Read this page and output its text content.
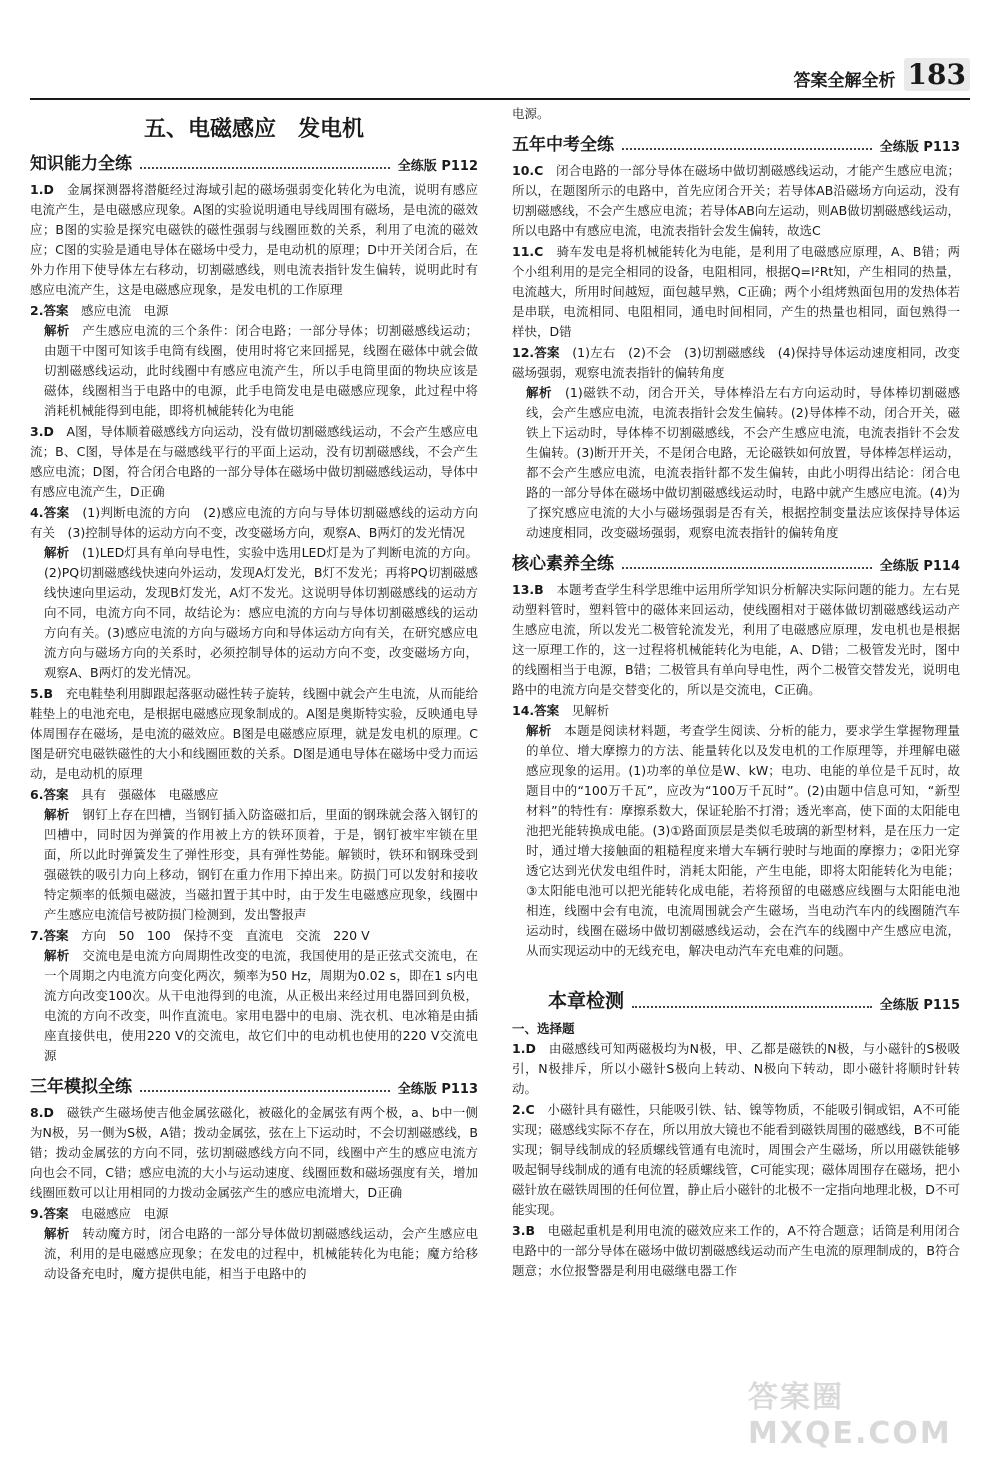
答案全解全析 183
五、电磁感应　发电机
知识能力全练	全练版 P112
1.D　 金属探测器将潜艇经过海域引起的磁场强弱变化转化为电流，说明有感应电流产生，是电磁感应现象。A图的实验说明通电导线周围有磁场，是电流的磁效应；B图的实验是探究电磁铁的磁性强弱与线圈匝数的关系，利用了电流的磁效应；C图的实验是通电导体在磁场中受力，是电动机的原理；D中开关闭合后，在外力作用下使导体左右移动，切割磁感线，则电流表指针发生偏转，说明此时有感应电流产生，这是电磁感应现象，是发电机的工作原理
2.答案　 感应电流　电源
解析　 产生感应电流的三个条件：闭合电路；一部分导体；切割磁感线运动；由题干中图可知该手电筒有线圈，使用时将它来回摇晃，线圈在磁体中就会做切割磁感线运动，此时线圈中有感应电流产生，所以手电筒里面的物块应该是磁体，线圈相当于电路中的电源，此手电筒发电是电磁感应现象，此过程中将消耗机械能得到电能，即将机械能转化为电能
3.D　 A图，导体顺着磁感线方向运动，没有做切割磁感线运动，不会产生感应电流；B、C图，导体是在与磁感线平行的平面上运动，没有切割磁感线，不会产生感应电流；D图，符合闭合电路的一部分导体在磁场中做切割磁感线运动，导体中有感应电流产生，D正确
4.答案　 (1)判断电流的方向　(2)感应电流的方向与导体切割磁感线的运动方向有关　(3)控制导体的运动方向不变，改变磁场方向，观察A、B两灯的发光情况
解析　 (1)LED灯具有单向导电性，实验中选用LED灯是为了判断电流的方向。(2)PQ切割磁感线快速向外运动，发现A灯发光，B灯不发光；再将PQ切割磁感线快速向里运动，发现B灯发光，A灯不发光。这说明导体切割磁感线的运动方向不同，电流方向不同，故结论为：感应电流的方向与导体切割磁感线的运动方向有关。(3)感应电流的方向与磁场方向和导体运动方向有关，在研究感应电流方向与磁场方向的关系时，必须控制导体的运动方向不变，改变磁场方向，观察A、B两灯的发光情况。
5.B　 充电鞋垫利用脚跟起落驱动磁性转子旋转，线圈中就会产生电流，从而能给鞋垫上的电池充电，是根据电磁感应现象制成的。A图是奥斯特实验，反映通电导体周围存在磁场，是电流的磁效应。B图是电磁感应原理，就是发电机的原理。C图是研究电磁铁磁性的大小和线圈匝数的关系。D图是通电导体在磁场中受力而运动，是电动机的原理
6.答案　 具有　强磁体　电磁感应
解析　 钢钉上存在凹槽，当钢钉插入防盗磁扣后，里面的钢珠就会落入钢钉的凹槽中，同时因为弹簧的作用被上方的铁环顶着，于是，钢钉被牢牢锁在里面，所以此时弹簧发生了弹性形变，具有弹性势能。解锁时，铁环和钢珠受到强磁铁的吸引力向上移动，钢钉在重力作用下掉出来。防损门可以发射和接收特定频率的低频电磁波，当磁扣置于其中时，由于发生电磁感应现象，线圈中产生感应电流信号被防损门检测到，发出警报声
7.答案　 方向　50　100　保持不变　直流电　交流　220 V
解析　 交流电是电流方向周期性改变的电流，我国使用的是正弦式交流电，在一个周期之内电流方向变化两次，频率为50 Hz，周期为0.02 s，即在1 s内电流方向改变100次。从干电池得到的电流，从正极出来经过用电器回到负极，电流的方向不改变，叫作直流电。家用电器中的电扇、洗衣机、电冰箱是由插座直接供电，使用220 V的交流电，故它们中的电动机也使用的220 V交流电源
三年模拟全练	全练版 P113
8.D　 磁铁产生磁场使吉他金属弦磁化，被磁化的金属弦有两个极，a、b中一侧为N极，另一侧为S极，A错；拨动金属弦，弦在上下运动时，不会切割磁感线，B错；拨动金属弦的方向不同，弦切割磁感线方向不同，线圈中产生的感应电流方向也会不同，C错；感应电流的大小与运动速度、线圈匝数和磁场强度有关，增加线圈匝数可以让用相同的力拨动金属弦产生的感应电流增大，D正确
9.答案　 电磁感应　电源
解析　 转动魔方时，闭合电路的一部分导体做切割磁感线运动，会产生感应电流，利用的是电磁感应现象；在发电的过程中，机械能转化为电能；魔方给移动设备充电时，魔方提供电能，相当于电路中的
电源。
五年中考全练	全练版 P113
10.C　 闭合电路的一部分导体在磁场中做切割磁感线运动，才能产生感应电流；所以，在题图所示的电路中，首先应闭合开关；若导体AB沿磁场方向运动，没有切割磁感线，不会产生感应电流；若导体AB向左运动，则AB做切割磁感线运动，所以电路中有感应电流，电流表指针会发生偏转，故选C
11.C　 骑车发电是将机械能转化为电能，是利用了电磁感应原理，A、B错；两个小组利用的是完全相同的设备，电阻相同，根据Q=I²Rt知，产生相同的热量，电流越大，所用时间越短，面包越早熟，C正确；两个小组烤熟面包用的发热体若是串联，电流相同、电阻相同，通电时间相同，产生的热量也相同，面包熟得一样快，D错
12.答案　 (1)左右　(2)不会　(3)切割磁感线　(4)保持导体运动速度相同，改变磁场强弱，观察电流表指针的偏转角度
解析　 (1)磁铁不动，闭合开关，导体棒沿左右方向运动时，导体棒切割磁感线，会产生感应电流，电流表指针会发生偏转。(2)导体棒不动，闭合开关，磁铁上下运动时，导体棒不切割磁感线，不会产生感应电流，电流表指针不会发生偏转。(3)断开开关，不是闭合电路，无论磁铁如何放置，导体棒怎样运动，都不会产生感应电流，电流表指针都不发生偏转，由此小明得出结论：闭合电路的一部分导体在磁场中做切割磁感线运动时，电路中就产生感应电流。(4)为了探究感应电流的大小与磁场强弱是否有关，根据控制变量法应该保持导体运动速度相同，改变磁场强弱，观察电流表指针的偏转角度
核心素养全练	全练版 P114
13.B　 本题考查学生科学思维中运用所学知识分析解决实际问题的能力。左右晃动塑料管时，塑料管中的磁体来回运动，使线圈相对于磁体做切割磁感线运动产生感应电流，所以发光二极管轮流发光，利用了电磁感应原理，发电机也是根据这一原理工作的，这一过程将机械能转化为电能，A、D错；二极管发光时，图中的线圈相当于电源，B错；二极管具有单向导电性，两个二极管交替发光，说明电路中的电流方向是交替变化的，所以是交流电，C正确。
14.答案　 见解析
解析　 本题是阅读材料题，考查学生阅读、分析的能力，要求学生掌握物理量的单位、增大摩擦力的方法、能量转化以及发电机的工作原理等，并理解电磁感应现象的运用。(1)功率的单位是W、kW；电功、电能的单位是千瓦时，故题目中的“100万千瓦”，应改为“100万千瓦时”。(2)由题中信息可知，“新型材料”的特性有：摩擦系数大，保证轮胎不打滑；透光率高，使下面的太阳能电池把光能转换成电能。(3)①路面顶层是类似毛玻璃的新型材料，是在压力一定时，通过增大接触面的粗糙程度来增大车辆行驶时与地面的摩擦力；②阳光穿透它达到光伏发电组件时，消耗太阳能，产生电能，即将太阳能转化为电能；③太阳能电池可以把光能转化成电能，若将预留的电磁感应线圈与太阳能电池相连，线圈中会有电流，电流周围就会产生磁场，当电动汽车内的线圈随汽车运动时，线圈在磁场中做切割磁感线运动，会在汽车的线圈中产生感应电流，从而实现运动中的无线充电，解决电动汽车充电难的问题。
本章检测	全练版 P115
一、选择题
1.D　 由磁感线可知两磁极均为N极，甲、乙都是磁铁的N极，与小磁针的S极吸引，N极排斥，所以小磁针S极向上转动、N极向下转动，即小磁针将顺时针转动。
2.C　 小磁针具有磁性，只能吸引铁、钴、镍等物质，不能吸引铜或铝，A不可能实现；磁感线实际不存在，所以用放大镜也不能看到磁铁周围的磁感线，B不可能实现；铜导线制成的轻质螺线管通有电流时，周围会产生磁场，所以用磁铁能够吸起铜导线制成的通有电流的轻质螺线管，C可能实现；磁体周围存在磁场，把小磁针放在磁铁周围的任何位置，静止后小磁针的北极不一定指向地理北极，D不可能实现。
3.B　 电磁起重机是利用电流的磁效应来工作的，A不符合题意；话筒是利用闭合电路中的一部分导体在磁场中做切割磁感线运动而产生电流的原理制成的，B符合题意；水位报警器是利用电磁继电器工作
答案圈 MXQE.COM
